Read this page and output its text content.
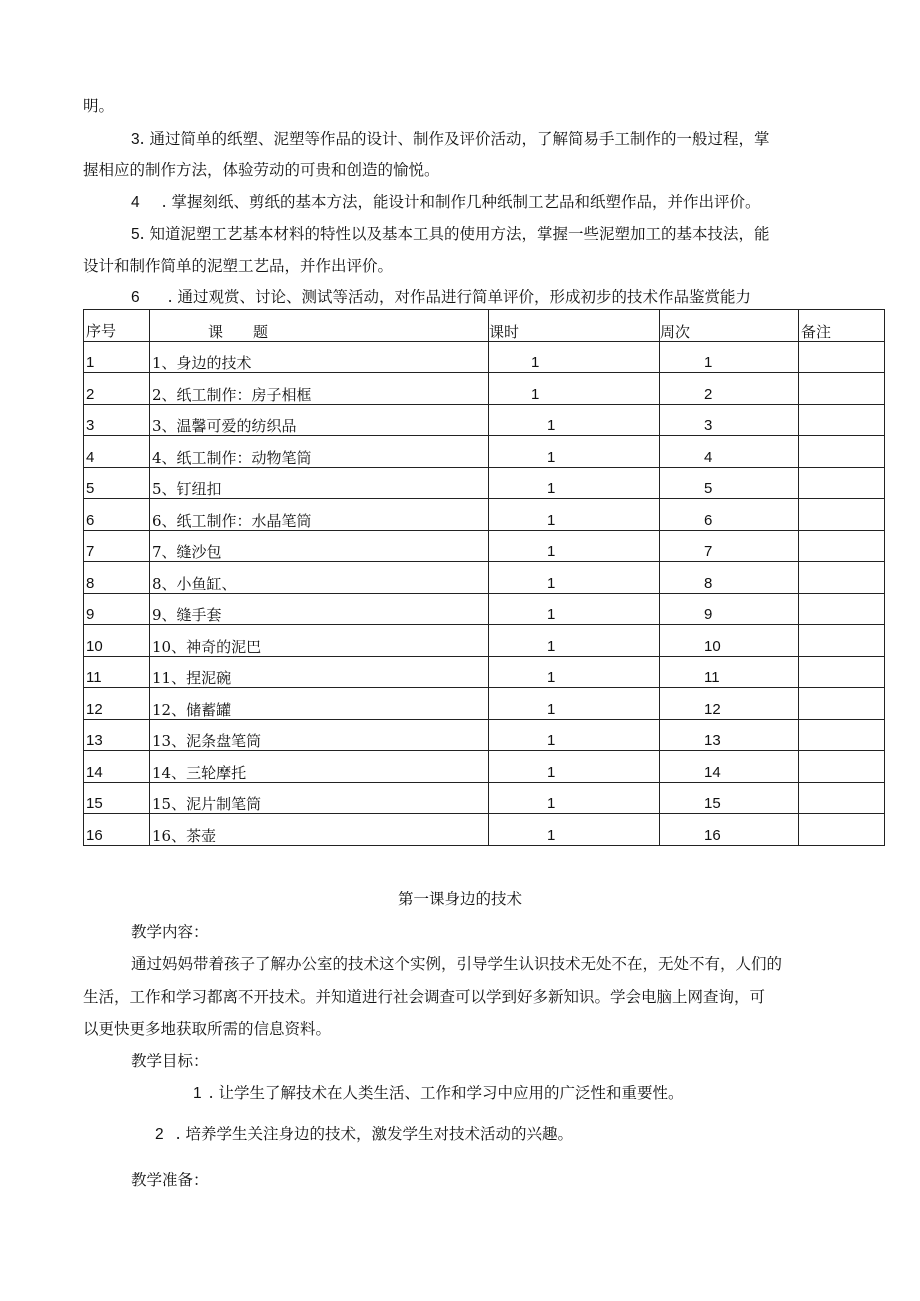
明。
3. 通过简单的纸塑、泥塑等作品的设计、制作及评价活动，了解简易手工制作的一般过程，掌
握相应的制作方法，体验劳动的可贵和创造的愉悦。
4 . 掌握刻纸、剪纸的基本方法，能设计和制作几种纸制工艺品和纸塑作品，并作出评价。
5. 知道泥塑工艺基本材料的特性以及基本工具的使用方法，掌握一些泥塑加工的基本技法，能
设计和制作简单的泥塑工艺品，并作出评价。
6 . 通过观赏、讨论、测试等活动，对作品进行简单评价，形成初步的技术作品鉴赏能力
序号	课　　题	课时	周次	备注
1	1、身边的技术	1	1	
2	2、纸工制作：房子相框	1	2	
3	3、温馨可爱的纺织品	1	3	
4	4、纸工制作：动物笔筒	1	4	
5	5、钉纽扣	1	5	
6	6、纸工制作：水晶笔筒	1	6	
7	7、缝沙包	1	7	
8	8、小鱼缸、	1	8	
9	9、缝手套	1	9	
10	10、神奇的泥巴	1	10	
11	11、捏泥碗	1	11	
12	12、储蓄罐	1	12	
13	13、泥条盘笔筒	1	13	
14	14、三轮摩托	1	14	
15	15、泥片制笔筒	1	15	
16	16、茶壶	1	16	
第一课身边的技术
教学内容：
通过妈妈带着孩子了解办公室的技术这个实例，引导学生认识技术无处不在，无处不有，人们的
生活，工作和学习都离不开技术。并知道进行社会调查可以学到好多新知识。学会电脑上网查询，可
以更快更多地获取所需的信息资料。
教学目标：
1 . 让学生了解技术在人类生活、工作和学习中应用的广泛性和重要性。
2 . 培养学生关注身边的技术，激发学生对技术活动的兴趣。
教学准备：
